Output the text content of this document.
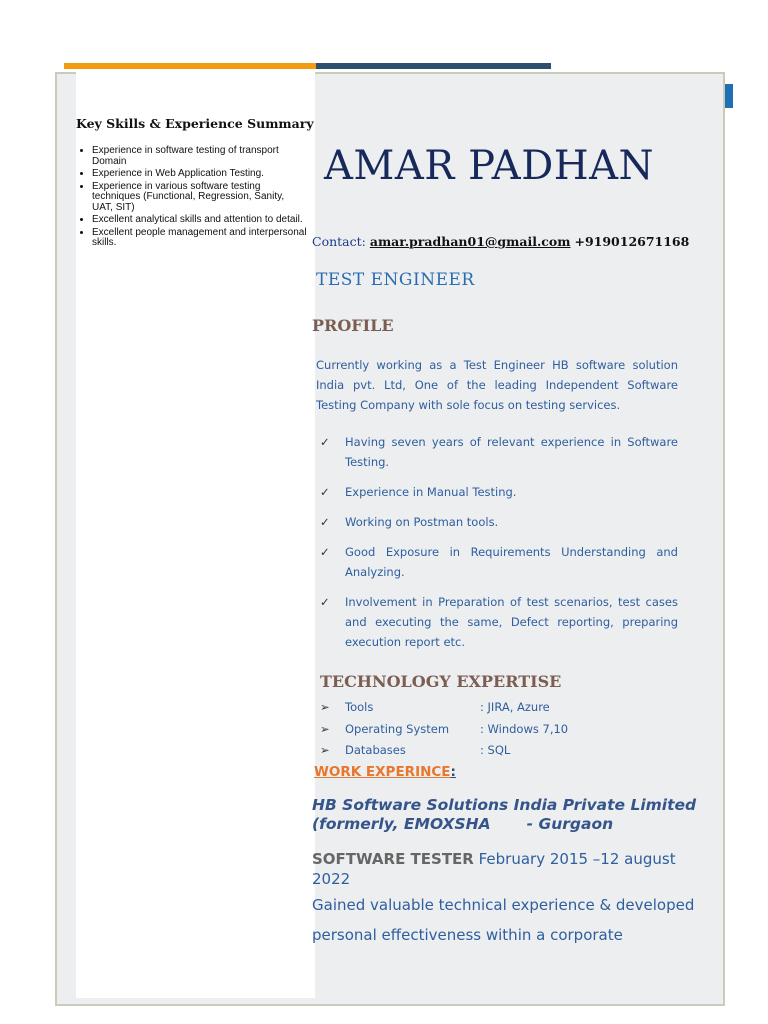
Key Skills & Experience Summary
• Experience in software testing of transport Domain
• Experience in Web Application Testing.
• Experience in various software testing techniques (Functional, Regression, Sanity, UAT, SIT)
• Excellent analytical skills and attention to detail.
• Excellent people management and interpersonal skills.
AMAR PADHAN
Contact: amar.pradhan01@gmail.com +919012671168
TEST ENGINEER
PROFILE
Currently working as a Test Engineer HB software solution India pvt. Ltd, One of the leading Independent Software Testing Company with sole focus on testing services.
✓ Having seven years of relevant experience in Software Testing.
✓ Experience in Manual Testing.
✓ Working on Postman tools.
✓ Good Exposure in Requirements Understanding and Analyzing.
✓ Involvement in Preparation of test scenarios, test cases and executing the same, Defect reporting, preparing execution report etc.
TECHNOLOGY EXPERTISE
➢ Tools	: JIRA, Azure
➢ Operating System	: Windows 7,10
➢ Databases	: SQL
WORK EXPERINCE:
HB Software Solutions India Private Limited
(formerly, EMOXSHA - Gurgaon
SOFTWARE TESTER February 2015 –12 august 2022
Gained valuable technical experience & developed
personal effectiveness within a corporate
